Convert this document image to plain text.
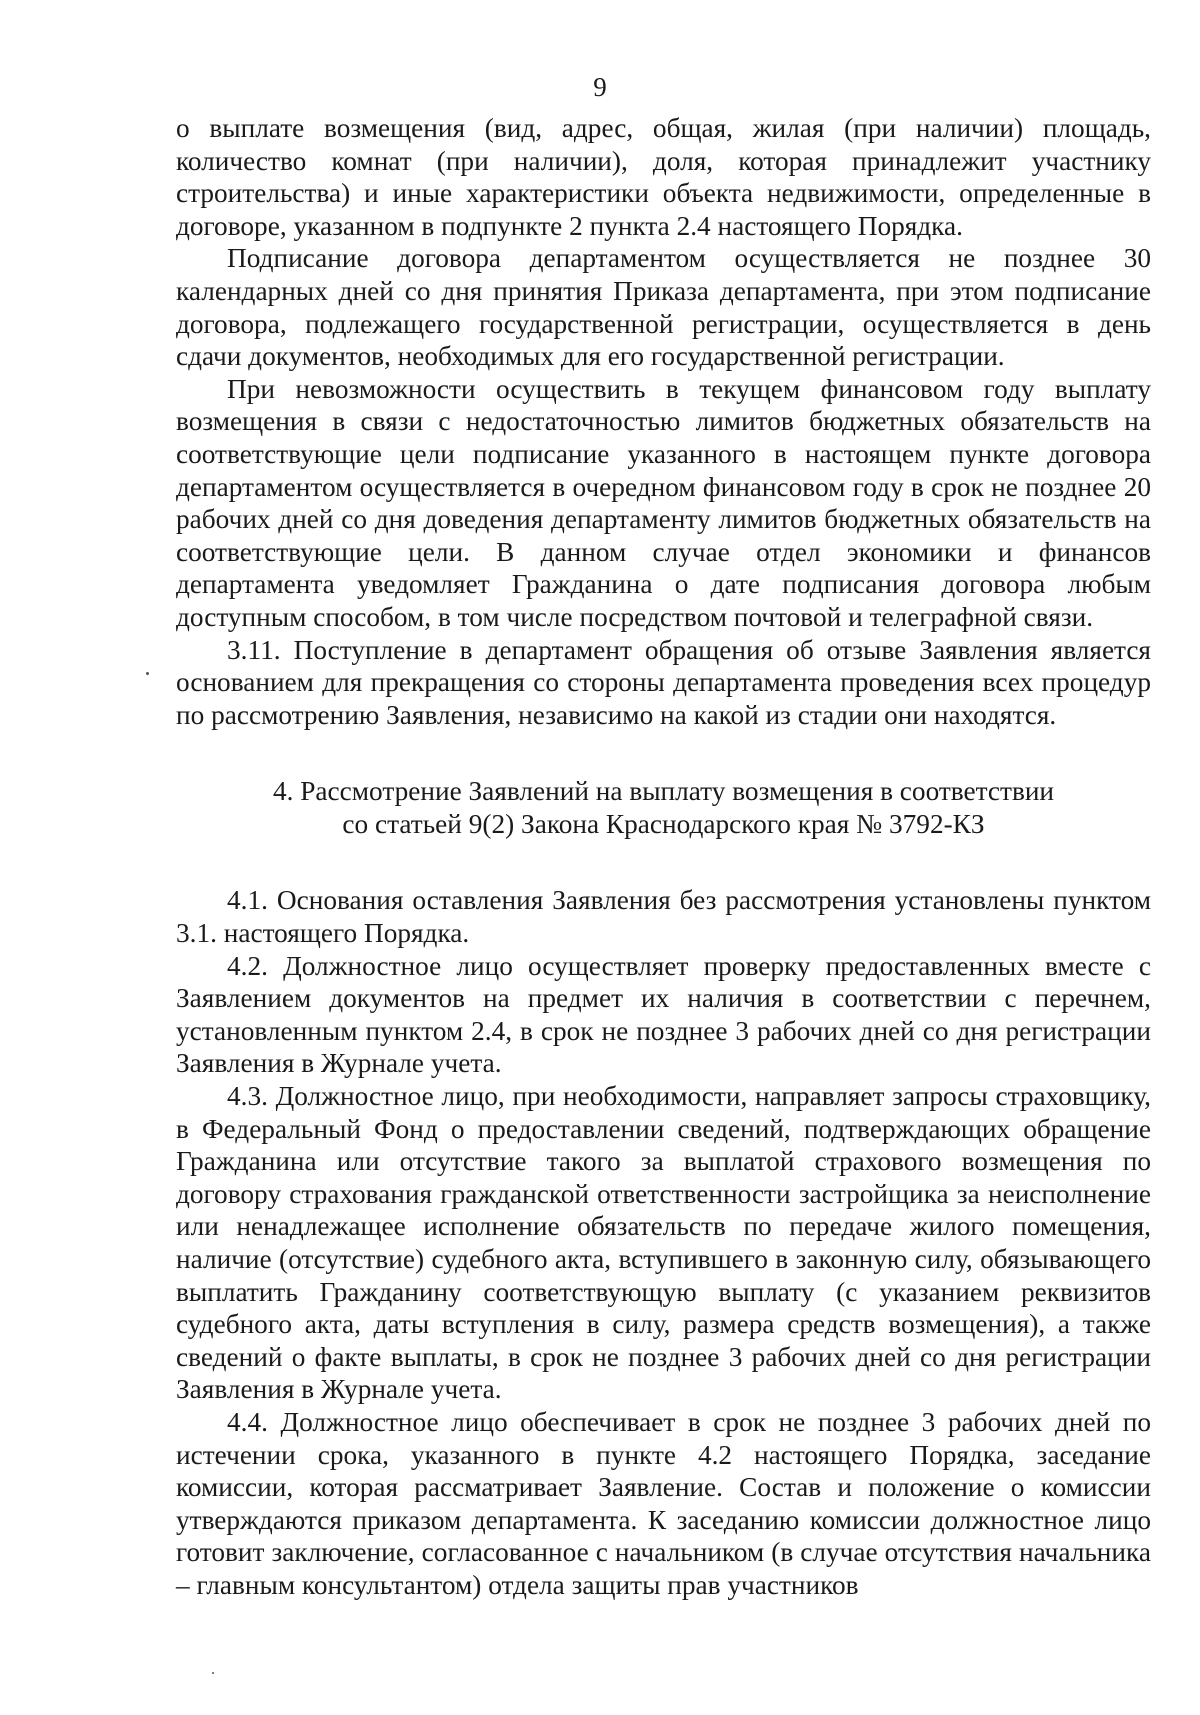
9

о выплате возмещения (вид, адрес, общая, жилая (при наличии) площадь, количество комнат (при наличии), доля, которая принадлежит участнику строительства) и иные характеристики объекта недвижимости, определенные в договоре, указанном в подпункте 2 пункта 2.4 настоящего Порядка.

Подписание договора департаментом осуществляется не позднее 30 календарных дней со дня принятия Приказа департамента, при этом подписание договора, подлежащего государственной регистрации, осуществляется в день сдачи документов, необходимых для его государственной регистрации.

При невозможности осуществить в текущем финансовом году выплату возмещения в связи с недостаточностью лимитов бюджетных обязательств на соответствующие цели подписание указанного в настоящем пункте договора департаментом осуществляется в очередном финансовом году в срок не позднее 20 рабочих дней со дня доведения департаменту лимитов бюджетных обязательств на соответствующие цели. В данном случае отдел экономики и финансов департамента уведомляет Гражданина о дате подписания договора любым доступным способом, в том числе посредством почтовой и телеграфной связи.

3.11. Поступление в департамент обращения об отзыве Заявления является основанием для прекращения со стороны департамента проведения всех процедур по рассмотрению Заявления, независимо на какой из стадии они находятся.

4. Рассмотрение Заявлений на выплату возмещения в соответствии
со статьей 9(2) Закона Краснодарского края № 3792-КЗ

4.1. Основания оставления Заявления без рассмотрения установлены пунктом 3.1. настоящего Порядка.

4.2. Должностное лицо осуществляет проверку предоставленных вместе с Заявлением документов на предмет их наличия в соответствии с перечнем, установленным пунктом 2.4, в срок не позднее 3 рабочих дней со дня регистрации Заявления в Журнале учета.

4.3. Должностное лицо, при необходимости, направляет запросы страховщику, в Федеральный Фонд о предоставлении сведений, подтверждающих обращение Гражданина или отсутствие такого за выплатой страхового возмещения по договору страхования гражданской ответственности застройщика за неисполнение или ненадлежащее исполнение обязательств по передаче жилого помещения, наличие (отсутствие) судебного акта, вступившего в законную силу, обязывающего выплатить Гражданину соответствующую выплату (с указанием реквизитов судебного акта, даты вступления в силу, размера средств возмещения), а также сведений о факте выплаты, в срок не позднее 3 рабочих дней со дня регистрации Заявления в Журнале учета.

4.4. Должностное лицо обеспечивает в срок не позднее 3 рабочих дней по истечении срока, указанного в пункте 4.2 настоящего Порядка, заседание комиссии, которая рассматривает Заявление. Состав и положение о комиссии утверждаются приказом департамента. К заседанию комиссии должностное лицо готовит заключение, согласованное с начальником (в случае отсутствия начальника – главным консультантом) отдела защиты прав участников
